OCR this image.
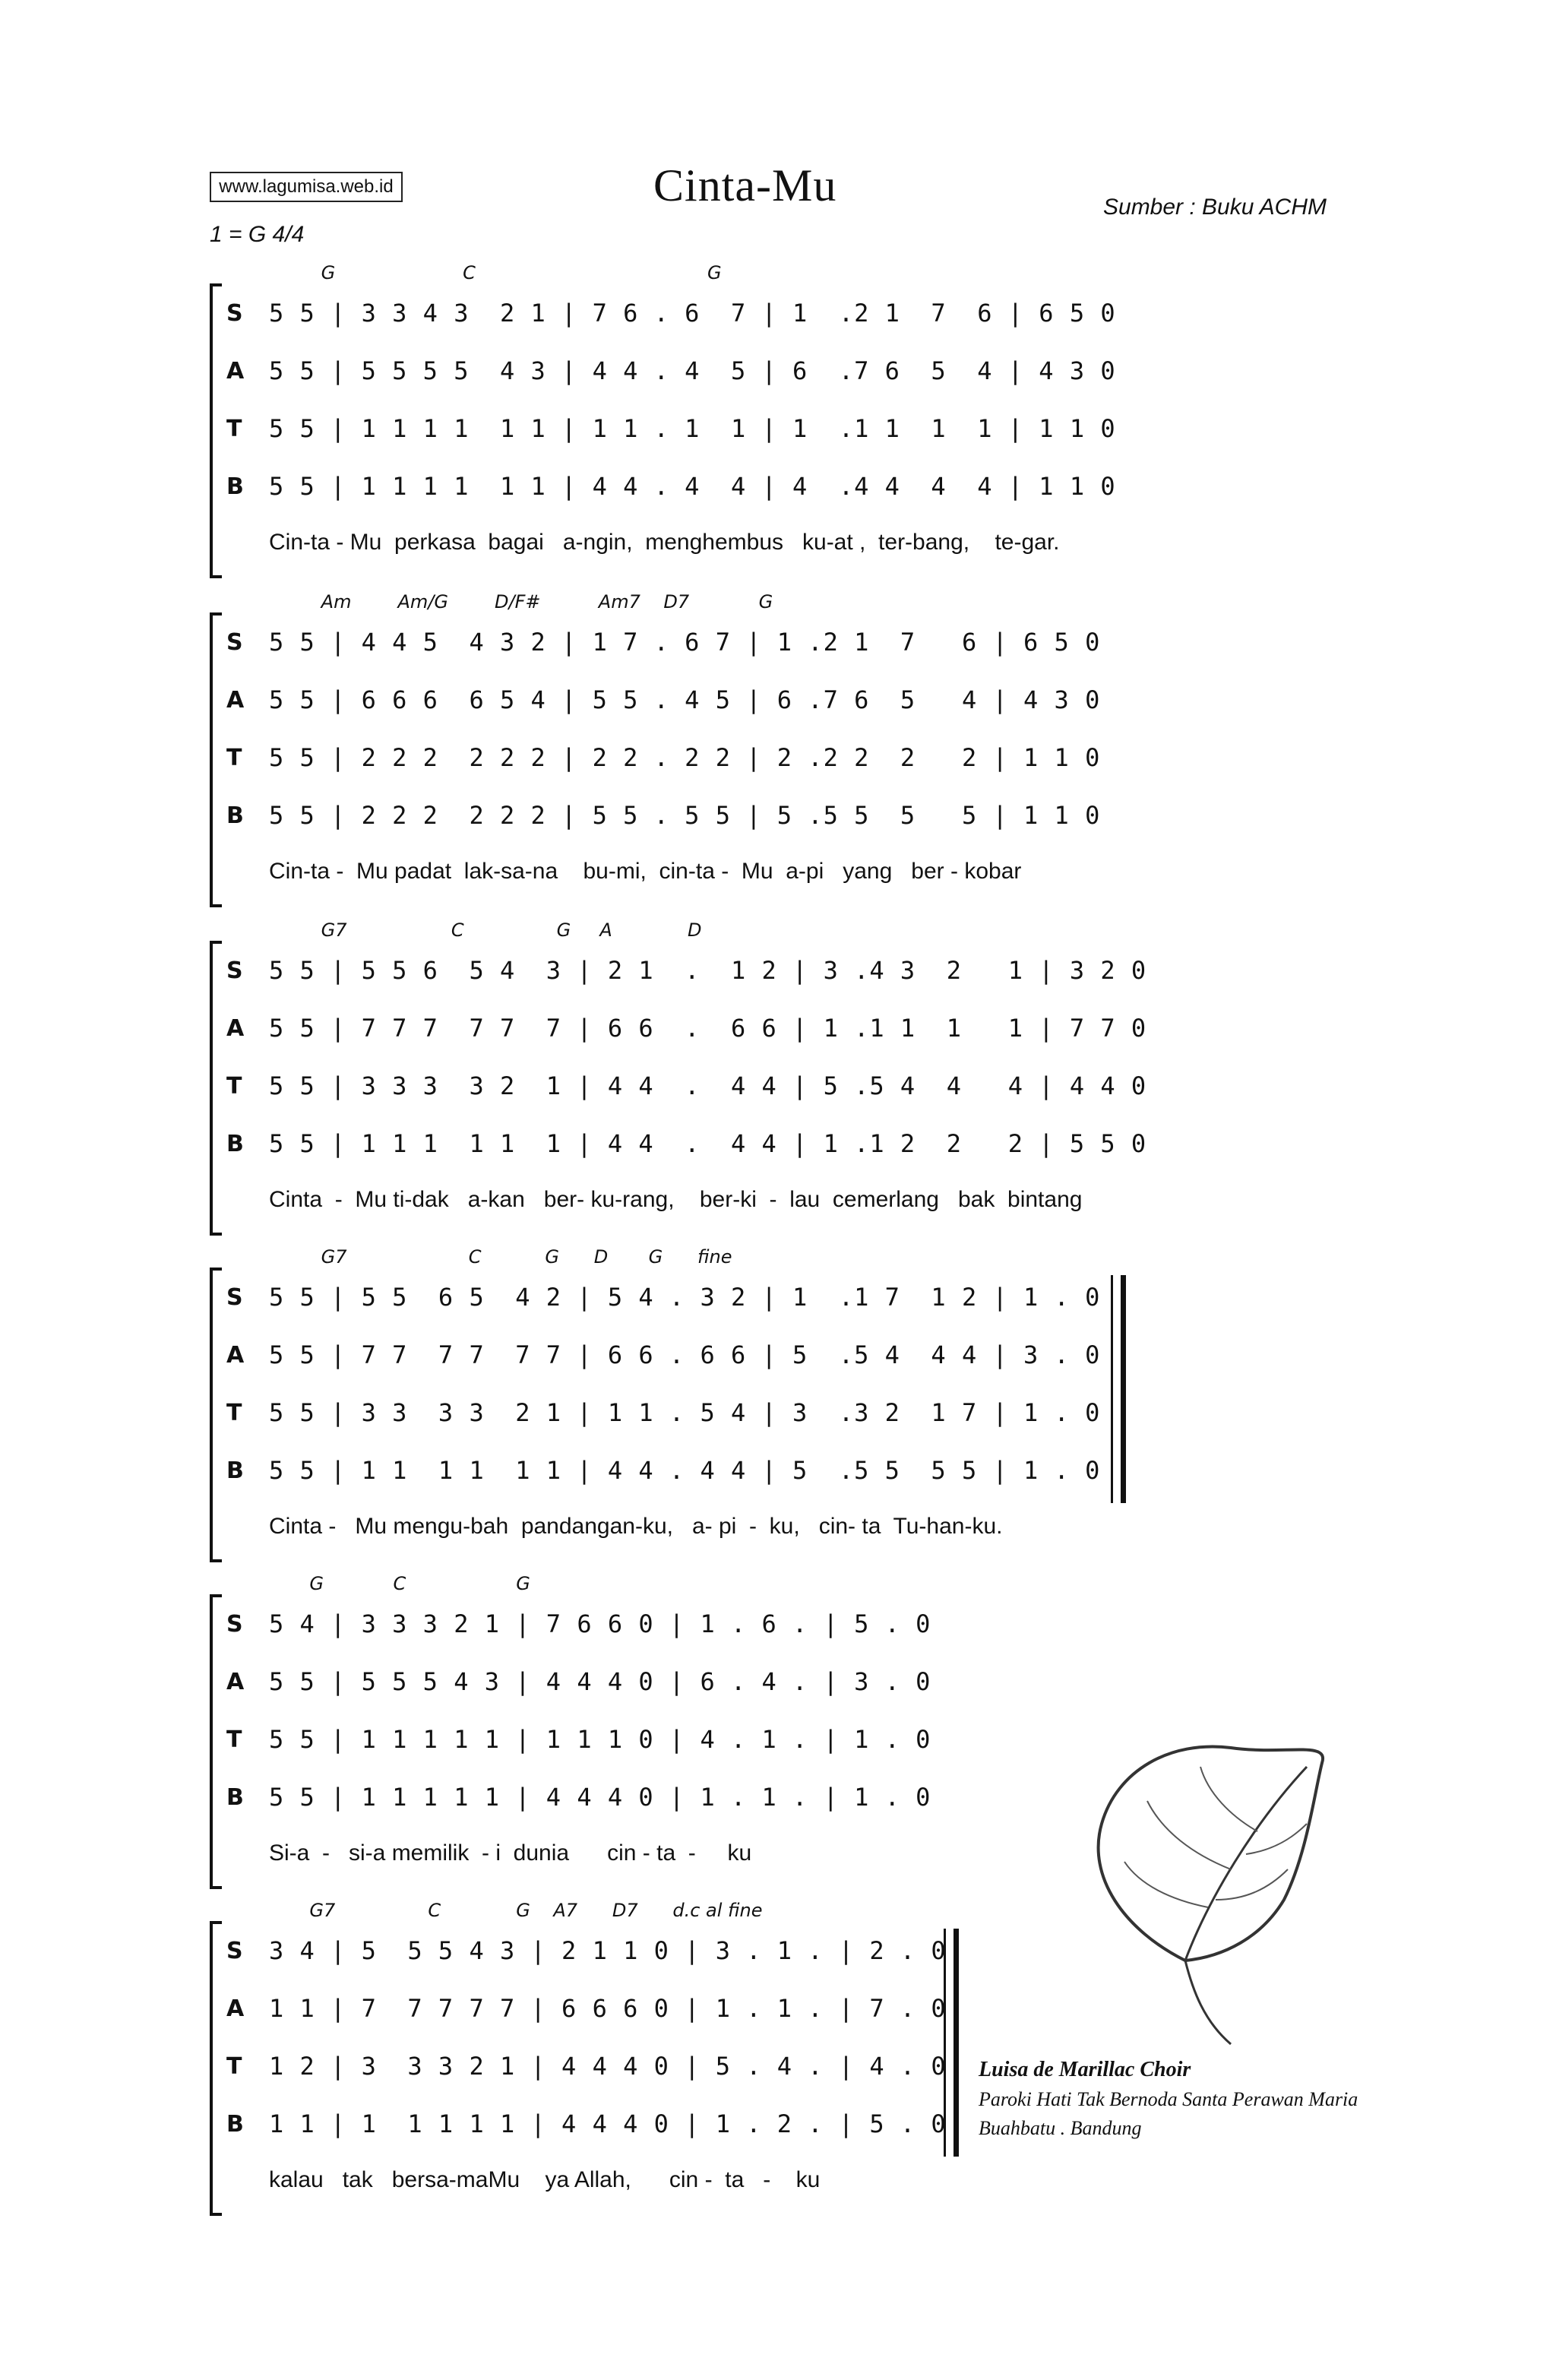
www.lagumisa.web.id	Cinta-Mu	Sumber : Buku ACHM
1 = G 4/4
G                      C                                        G
S
A
T
B
5 5 | 3 3 4 3  2 1 | 7 6 . 6  7 | 1  .2 1  7  6 | 6 5 0
5 5 | 5 5 5 5  4 3 | 4 4 . 4  5 | 6  .7 6  5  4 | 4 3 0
5 5 | 1 1 1 1  1 1 | 1 1 . 1  1 | 1  .1 1  1  1 | 1 1 0
5 5 | 1 1 1 1  1 1 | 4 4 . 4  4 | 4  .4 4  4  4 | 1 1 0
Cin-ta - Mu  perkasa  bagai   a-ngin,  menghembus   ku-at ,  ter-bang,    te-gar.
Am        Am/G        D/F#          Am7    D7            G
S
A
T
B
5 5 | 4 4 5  4 3 2 | 1 7 . 6 7 | 1 .2 1  7   6 | 6 5 0
5 5 | 6 6 6  6 5 4 | 5 5 . 4 5 | 6 .7 6  5   4 | 4 3 0
5 5 | 2 2 2  2 2 2 | 2 2 . 2 2 | 2 .2 2  2   2 | 1 1 0
5 5 | 2 2 2  2 2 2 | 5 5 . 5 5 | 5 .5 5  5   5 | 1 1 0
Cin-ta -  Mu padat  lak-sa-na    bu-mi,  cin-ta -  Mu  a-pi   yang   ber - kobar
G7                  C                G     A             D
S
A
T
B
5 5 | 5 5 6  5 4  3 | 2 1  .  1 2 | 3 .4 3  2   1 | 3 2 0
5 5 | 7 7 7  7 7  7 | 6 6  .  6 6 | 1 .1 1  1   1 | 7 7 0
5 5 | 3 3 3  3 2  1 | 4 4  .  4 4 | 5 .5 4  4   4 | 4 4 0
5 5 | 1 1 1  1 1  1 | 4 4  .  4 4 | 1 .1 2  2   2 | 5 5 0
Cinta  -  Mu ti-dak   a-kan   ber- ku-rang,    ber-ki  -  lau  cemerlang   bak  bintang
G7                     C           G      D       G      fine
S
A
T
B
5 5 | 5 5  6 5  4 2 | 5 4 . 3 2 | 1  .1 7  1 2 | 1 . 0
5 5 | 7 7  7 7  7 7 | 6 6 . 6 6 | 5  .5 4  4 4 | 3 . 0
5 5 | 3 3  3 3  2 1 | 1 1 . 5 4 | 3  .3 2  1 7 | 1 . 0
5 5 | 1 1  1 1  1 1 | 4 4 . 4 4 | 5  .5 5  5 5 | 1 . 0
Cinta -   Mu mengu-bah  pandangan-ku,   a- pi  -  ku,   cin- ta  Tu-han-ku.
G            C                   G
S
A
T
B
5 4 | 3 3 3 2 1 | 7 6 6 0 | 1 . 6 . | 5 . 0
5 5 | 5 5 5 4 3 | 4 4 4 0 | 6 . 4 . | 3 . 0
5 5 | 1 1 1 1 1 | 1 1 1 0 | 4 . 1 . | 1 . 0
5 5 | 1 1 1 1 1 | 4 4 4 0 | 1 . 1 . | 1 . 0
Si-a  -   si-a memilik  - i  dunia      cin - ta  -     ku
G7                C             G    A7      D7      d.c al fine
S
A
T
B
3 4 | 5  5 5 4 3 | 2 1 1 0 | 3 . 1 . | 2 . 0
1 1 | 7  7 7 7 7 | 6 6 6 0 | 1 . 1 . | 7 . 0
1 2 | 3  3 3 2 1 | 4 4 4 0 | 5 . 4 . | 4 . 0
1 1 | 1  1 1 1 1 | 4 4 4 0 | 1 . 2 . | 5 . 0
kalau   tak   bersa-maMu    ya Allah,      cin -  ta   -    ku
Luisa de Marillac Choir
Paroki Hati Tak Bernoda Santa Perawan Maria
Buahbatu . Bandung
